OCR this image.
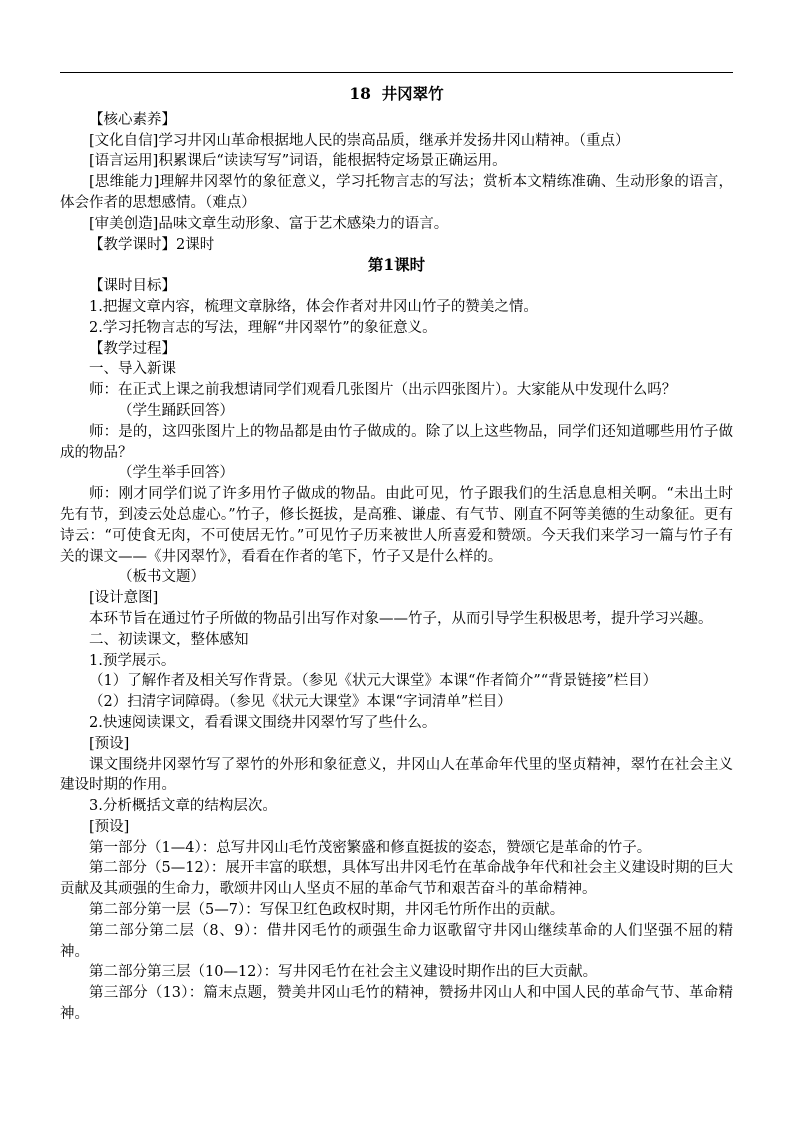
18  井冈翠竹

【核心素养】

[文化自信]学习井冈山革命根据地人民的崇高品质，继承并发扬井冈山精神。（重点）

[语言运用]积累课后“读读写写”词语，能根据特定场景正确运用。

[思维能力]理解井冈翠竹的象征意义，学习托物言志的写法；赏析本文精练准确、生动形象的语言，体会作者的思想感情。（难点）

[审美创造]品味文章生动形象、富于艺术感染力的语言。

【教学课时】2课时

第1课时

【课时目标】

1.把握文章内容，梳理文章脉络，体会作者对井冈山竹子的赞美之情。

2.学习托物言志的写法，理解“井冈翠竹”的象征意义。

【教学过程】

一、导入新课

师：在正式上课之前我想请同学们观看几张图片（出示四张图片）。大家能从中发现什么吗？

（学生踊跃回答）

师：是的，这四张图片上的物品都是由竹子做成的。除了以上这些物品，同学们还知道哪些用竹子做成的物品？

（学生举手回答）

师：刚才同学们说了许多用竹子做成的物品。由此可见，竹子跟我们的生活息息相关啊。“未出土时先有节，到凌云处总虚心。”竹子，修长挺拔，是高雅、谦虚、有气节、刚直不阿等美德的生动象征。更有诗云：“可使食无肉，不可使居无竹。”可见竹子历来被世人所喜爱和赞颂。今天我们来学习一篇与竹子有关的课文——《井冈翠竹》，看看在作者的笔下，竹子又是什么样的。

（板书文题）

[设计意图]

本环节旨在通过竹子所做的物品引出写作对象——竹子，从而引导学生积极思考，提升学习兴趣。

二、初读课文，整体感知

1.预学展示。

（1）了解作者及相关写作背景。（参见《状元大课堂》本课“作者简介”“背景链接”栏目）

（2）扫清字词障碍。（参见《状元大课堂》本课“字词清单”栏目）

2.快速阅读课文，看看课文围绕井冈翠竹写了些什么。

[预设]

课文围绕井冈翠竹写了翠竹的外形和象征意义，井冈山人在革命年代里的坚贞精神，翠竹在社会主义建设时期的作用。

3.分析概括文章的结构层次。

[预设]

第一部分（1—4）：总写井冈山毛竹茂密繁盛和修直挺拔的姿态，赞颂它是革命的竹子。

第二部分（5—12）：展开丰富的联想，具体写出井冈毛竹在革命战争年代和社会主义建设时期的巨大贡献及其顽强的生命力，歌颂井冈山人坚贞不屈的革命气节和艰苦奋斗的革命精神。

第二部分第一层（5—7）：写保卫红色政权时期，井冈毛竹所作出的贡献。

第二部分第二层（8、9）：借井冈毛竹的顽强生命力讴歌留守井冈山继续革命的人们坚强不屈的精神。

第二部分第三层（10—12）：写井冈毛竹在社会主义建设时期作出的巨大贡献。

第三部分（13）：篇末点题，赞美井冈山毛竹的精神，赞扬井冈山人和中国人民的革命气节、革命精神。
